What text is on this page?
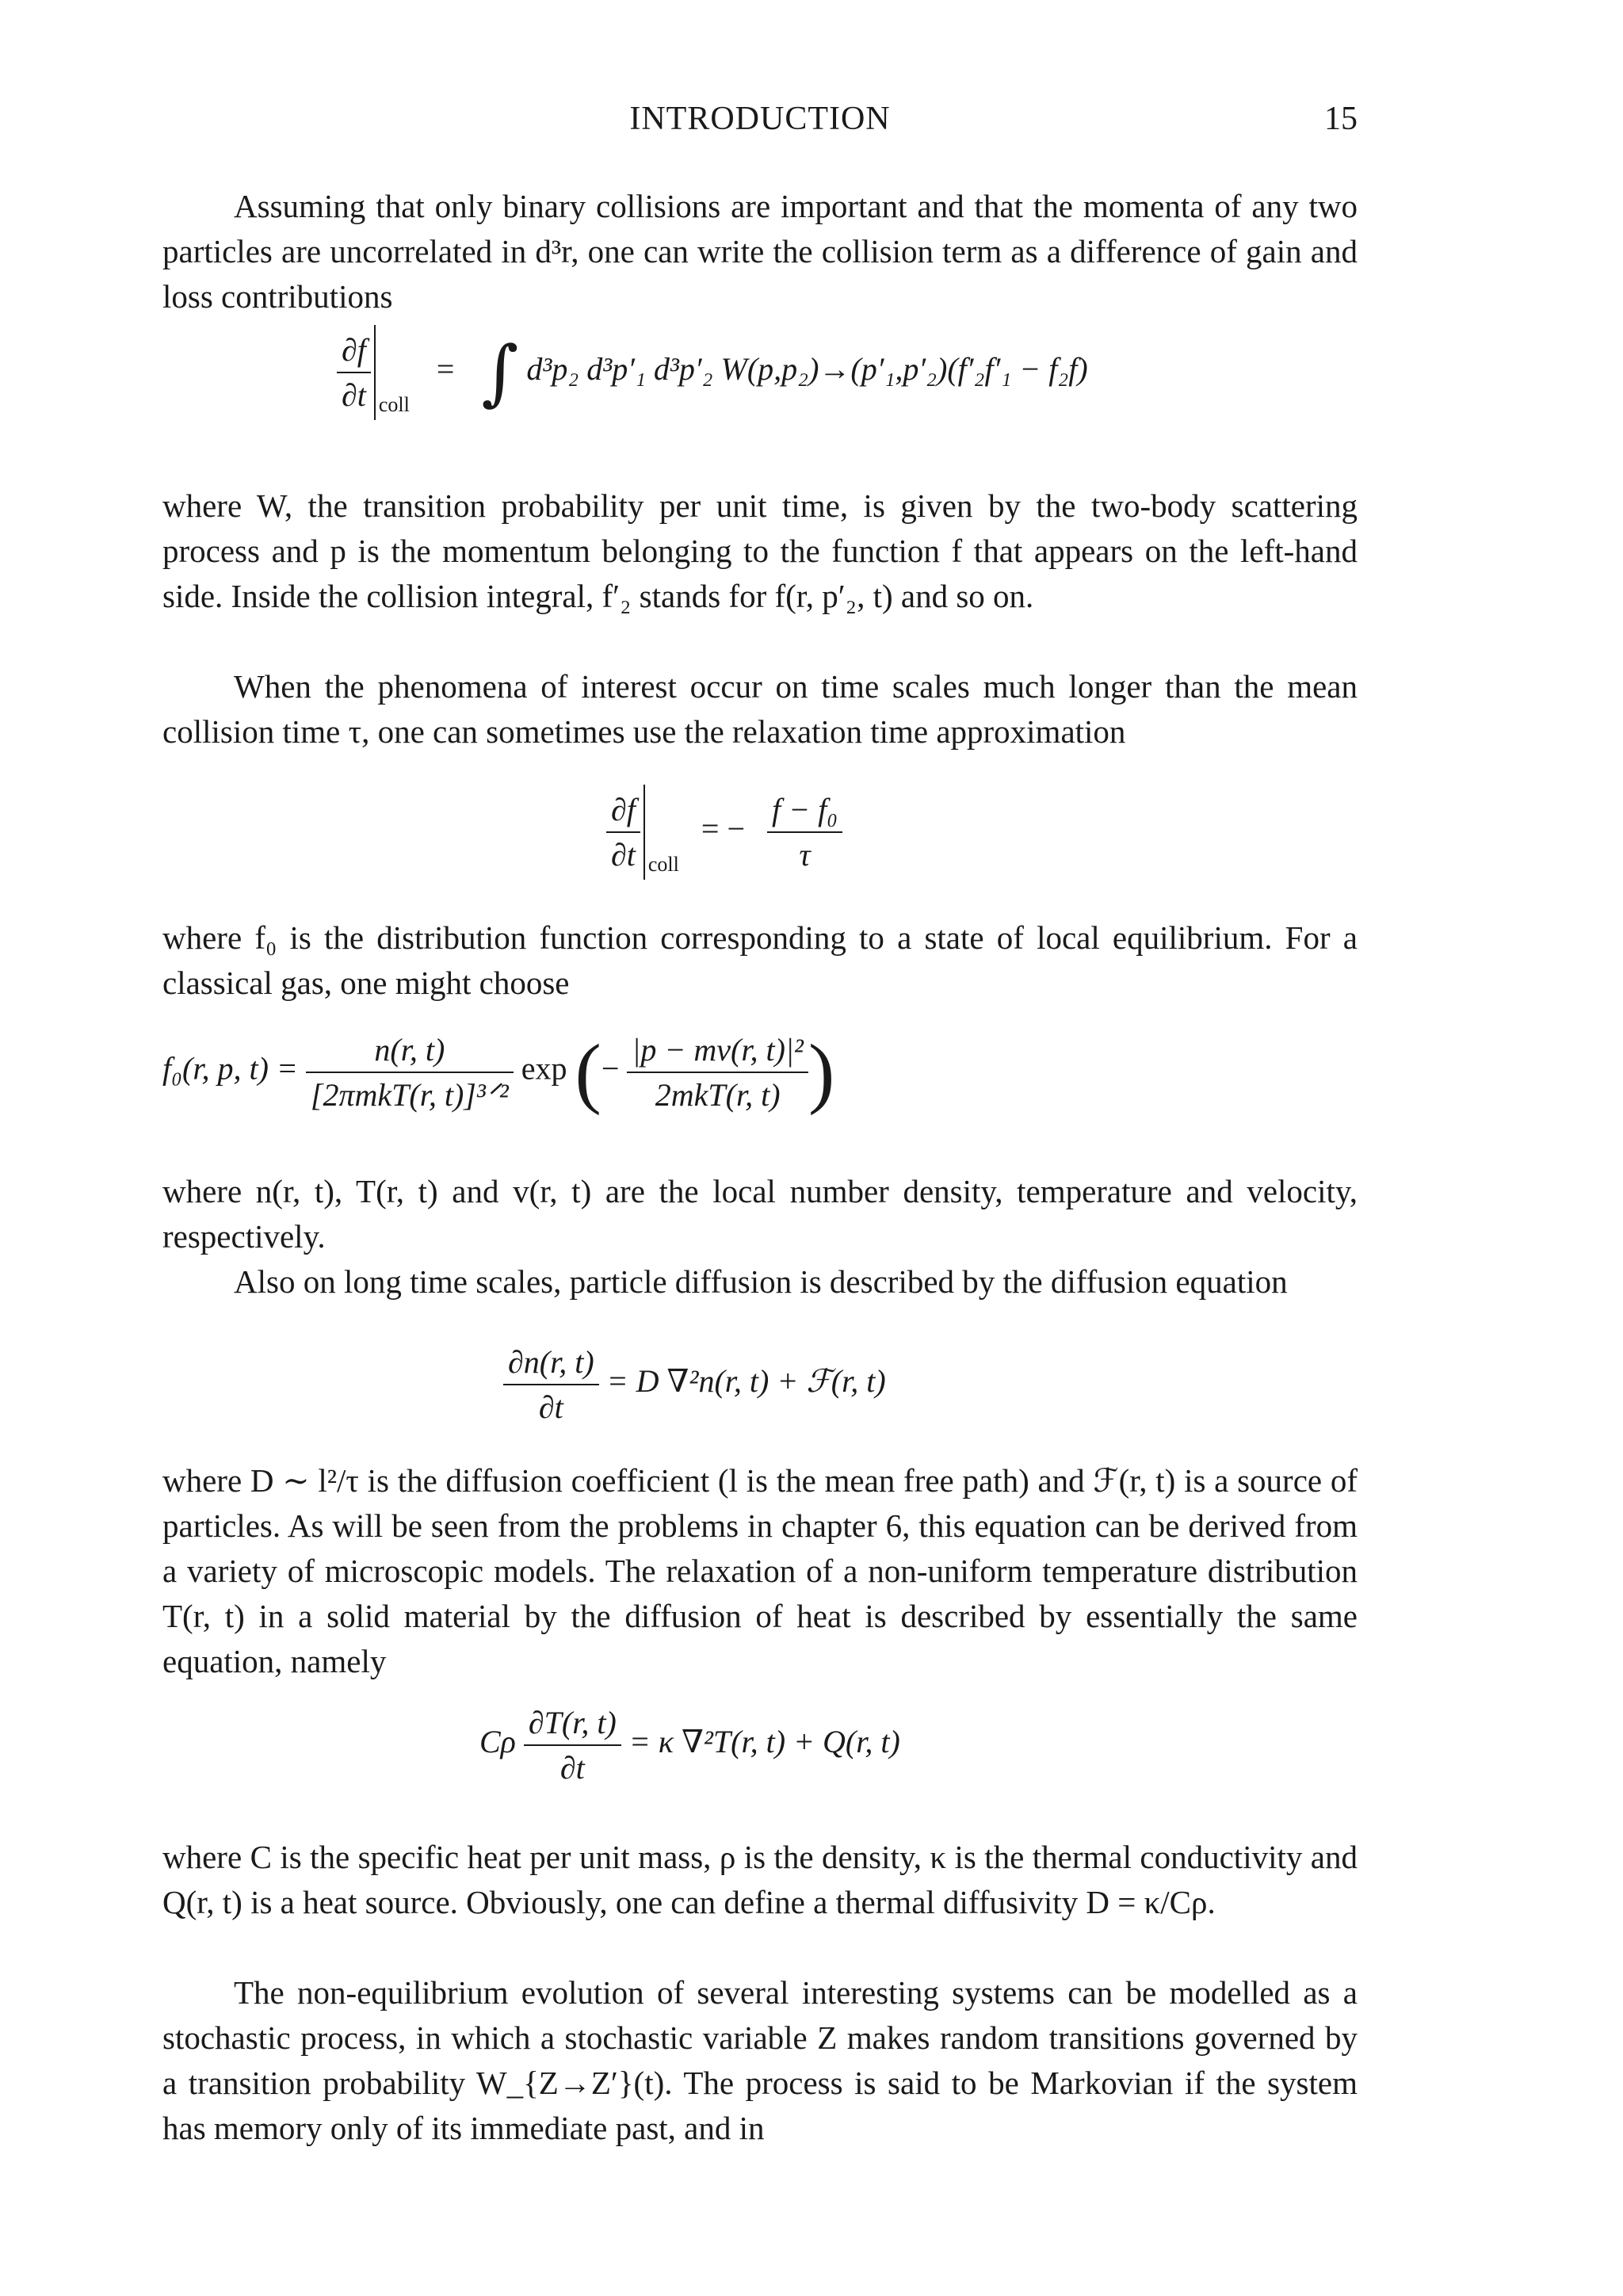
INTRODUCTION	15

Assuming that only binary collisions are important and that the momenta of any two particles are uncorrelated in d³r, one can write the collision term as a difference of gain and loss contributions

$\frac{\partial f}{\partial t} _{coll}$ = ∫ d³p₂ d³p′₁ d³p′₂ W(p,p₂)→(p′₁,p′₂)(f′₂f′₁ − f₂f)

where W, the transition probability per unit time, is given by the two-body scattering process and p is the momentum belonging to the function f that appears on the left-hand side. Inside the collision integral, f′₂ stands for f(r, p′₂, t) and so on.

When the phenomena of interest occur on time scales much longer than the mean collision time τ, one can sometimes use the relaxation time approximation

$\frac{\partial f}{\partial t} _{coll}$ = − $\frac{\text{f − f₀}}{\tau}$

where f₀ is the distribution function corresponding to a state of local equilibrium. For a classical gas, one might choose

f₀(r, p, $t) = \frac{n(r, t)}{\text{[2πmkT(r, t)]³ᐟ²}}$ exp (− $\frac{\text{|p − mv(r, t)|²}}{\text{2mkT(r, t)}}$ )

where n(r, t), T(r, t) and v(r, t) are the local number density, temperature and velocity, respectively.

Also on long time scales, particle diffusion is described by the diffusion equation

$\frac{\partial n(r, t)}{\partial t} = D$ ∇²n(r, t) + ℱ(r, t)

where D ∼ l²/τ is the diffusion coefficient (l is the mean free path) and ℱ(r, t) is a source of particles. As will be seen from the problems in chapter 6, this equation can be derived from a variety of microscopic models. The relaxation of a non-uniform temperature distribution T(r, t) in a solid material by the diffusion of heat is described by essentially the same equation, namely

Cρ $\frac{\partial T(r, t)}{\partial t} = \kappa$ ∇²T(r, t) + Q(r, t)

where C is the specific heat per unit mass, ρ is the density, κ is the thermal conductivity and Q(r, t) is a heat source. Obviously, one can define a thermal diffusivity D = κ/Cρ.

The non-equilibrium evolution of several interesting systems can be modelled as a stochastic process, in which a stochastic variable Z makes random transitions governed by a transition probability W_{Z→Z′}(t). The process is said to be Markovian if the system has memory only of its immediate past, and in
